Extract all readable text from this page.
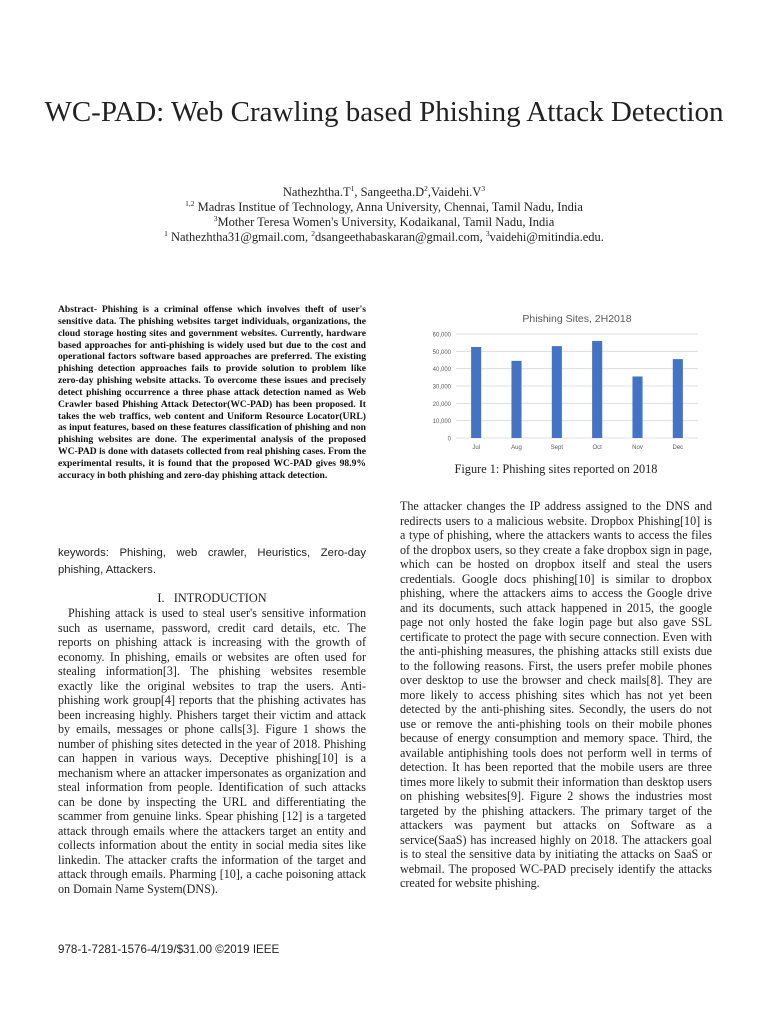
WC-PAD: Web Crawling based Phishing Attack Detection
$Nathezhtha.T^1$, $Sangeetha.D^2,Vaidehi.V^3$
$^{1,2}$ Madras Institue of Technology, Anna University, Chennai, Tamil Nadu, India
$^3$Mother Teresa Women's University, Kodaikanal, Tamil Nadu, India
$^1$ Nathezhtha31@gmail.com, $^2$dsangeethabaskaran@gmail.com, $^3$vaidehi@mitindia.edu.
Abstract- Phishing is a criminal offense which involves theft of user's sensitive data. The phishing websites target individuals, organizations, the cloud storage hosting sites and government websites. Currently, hardware based approaches for anti-phishing is widely used but due to the cost and operational factors software based approaches are preferred. The existing phishing detection approaches fails to provide solution to problem like zero-day phishing website attacks. To overcome these issues and precisely detect phishing occurrence a three phase attack detection named as Web Crawler based Phishing Attack Detector(WC-PAD) has been proposed. It takes the web traffics, web content and Uniform Resource Locator(URL) as input features, based on these features classification of phishing and non phishing websites are done. The experimental analysis of the proposed WC-PAD is done with datasets collected from real phishing cases. From the experimental results, it is found that the proposed WC-PAD gives 98.9% accuracy in both phishing and zero-day phishing attack detection.
keywords: Phishing, web crawler, Heuristics, Zero-day phishing, Attackers.
I.   INTRODUCTION
Phishing attack is used to steal user's sensitive information such as username, password, credit card details, etc. The reports on phishing attack is increasing with the growth of economy. In phishing, emails or websites are often used for stealing information[3]. The phishing websites resemble exactly like the original websites to trap the users. Anti-phishing work group[4] reports that the phishing activates has been increasing highly. Phishers target their victim and attack by emails, messages or phone calls[3]. Figure 1 shows the number of phishing sites detected in the year of 2018. Phishing can happen in various ways. Deceptive phishing[10] is a mechanism where an attacker impersonates as organization and steal information from people. Identification of such attacks can be done by inspecting the URL and differentiating the scammer from genuine links. Spear phishing [12] is a targeted attack through emails where the attackers target an entity and collects information about the entity in social media sites like linkedin. The attacker crafts the information of the target and attack through emails. Pharming [10], a cache poisoning attack on Domain Name System(DNS).
Phishing Sites, 2H2018
0
10,000
20,000
30,000
40,000
50,000
60,000
Jul	Aug	Sept	Oct	Nov	Dec
Figure 1: Phishing sites reported on 2018
The attacker changes the IP address assigned to the DNS and redirects users to a malicious website. Dropbox Phishing[10] is a type of phishing, where the attackers wants to access the files of the dropbox users, so they create a fake dropbox sign in page, which can be hosted on dropbox itself and steal the users credentials. Google docs phishing[10] is similar to dropbox phishing, where the attackers aims to access the Google drive and its documents, such attack happened in 2015, the google page not only hosted the fake login page but also gave SSL certificate to protect the page with secure connection. Even with the anti-phishing measures, the phishing attacks still exists due to the following reasons. First, the users prefer mobile phones over desktop to use the browser and check mails[8]. They are more likely to access phishing sites which has not yet been detected by the anti-phishing sites. Secondly, the users do not use or remove the anti-phishing tools on their mobile phones because of energy consumption and memory space. Third, the available antiphishing tools does not perform well in terms of detection. It has been reported that the mobile users are three times more likely to submit their information than desktop users on phishing websites[9]. Figure 2 shows the industries most targeted by the phishing attackers. The primary target of the attackers was payment but attacks on Software as a service(SaaS) has increased highly on 2018. The attackers goal is to steal the sensitive data by initiating the attacks on SaaS or webmail. The proposed WC-PAD precisely identify the attacks created for website phishing.
978-1-7281-1576-4/19/$31.00 ©2019 IEEE
